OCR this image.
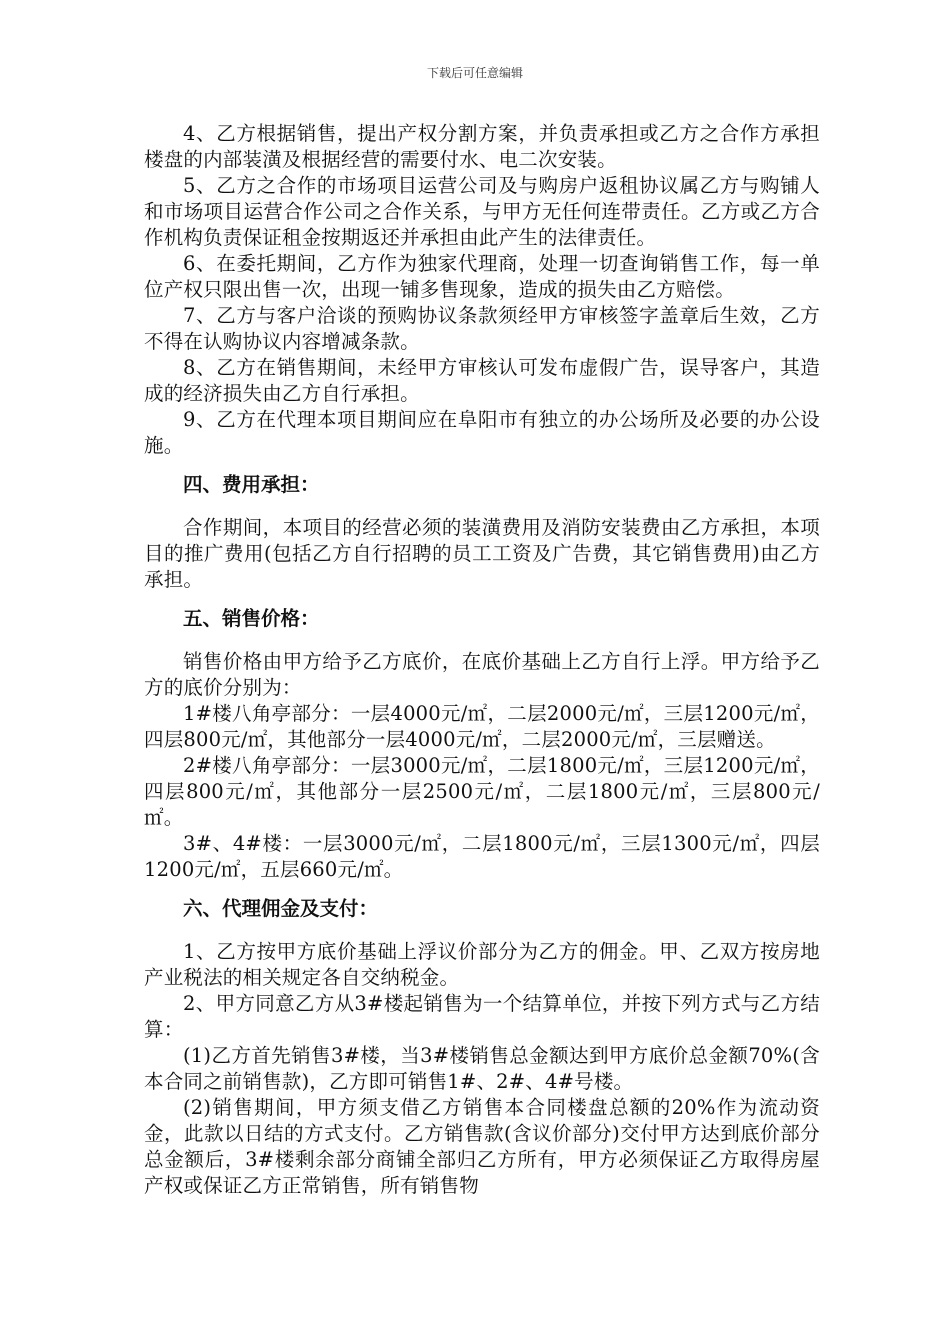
下载后可任意编辑

4、乙方根据销售，提出产权分割方案，并负责承担或乙方之合作方承担楼盘的内部装潢及根据经营的需要付水、电二次安装。

5、乙方之合作的市场项目运营公司及与购房户返租协议属乙方与购铺人和市场项目运营合作公司之合作关系，与甲方无任何连带责任。乙方或乙方合作机构负责保证租金按期返还并承担由此产生的法律责任。

6、在委托期间，乙方作为独家代理商，处理一切查询销售工作，每一单位产权只限出售一次，出现一铺多售现象，造成的损失由乙方赔偿。

7、乙方与客户洽谈的预购协议条款须经甲方审核签字盖章后生效，乙方不得在认购协议内容增减条款。

8、乙方在销售期间，未经甲方审核认可发布虚假广告，误导客户，其造成的经济损失由乙方自行承担。

9、乙方在代理本项目期间应在阜阳市有独立的办公场所及必要的办公设施。

四、费用承担：

合作期间，本项目的经营必须的装潢费用及消防安装费由乙方承担，本项目的推广费用(包括乙方自行招聘的员工工资及广告费，其它销售费用)由乙方承担。

五、销售价格：

销售价格由甲方给予乙方底价，在底价基础上乙方自行上浮。甲方给予乙方的底价分别为：

1#楼八角亭部分：一层4000元/㎡，二层2000元/㎡，三层1200元/㎡，四层800元/㎡，其他部分一层4000元/㎡，二层2000元/㎡，三层赠送。

2#楼八角亭部分：一层3000元/㎡，二层1800元/㎡，三层1200元/㎡，四层800元/㎡，其他部分一层2500元/㎡，二层1800元/㎡，三层800元/㎡。

3#、4#楼：一层3000元/㎡，二层1800元/㎡，三层1300元/㎡，四层1200元/㎡，五层660元/㎡。

六、代理佣金及支付：

1、乙方按甲方底价基础上浮议价部分为乙方的佣金。甲、乙双方按房地产业税法的相关规定各自交纳税金。

2、甲方同意乙方从3#楼起销售为一个结算单位，并按下列方式与乙方结算：

(1)乙方首先销售3#楼，当3#楼销售总金额达到甲方底价总金额70%(含本合同之前销售款)，乙方即可销售1#、2#、4#号楼。

(2)销售期间，甲方须支借乙方销售本合同楼盘总额的20%作为流动资金，此款以日结的方式支付。乙方销售款(含议价部分)交付甲方达到底价部分总金额后，3#楼剩余部分商铺全部归乙方所有，甲方必须保证乙方取得房屋产权或保证乙方正常销售，所有销售物
